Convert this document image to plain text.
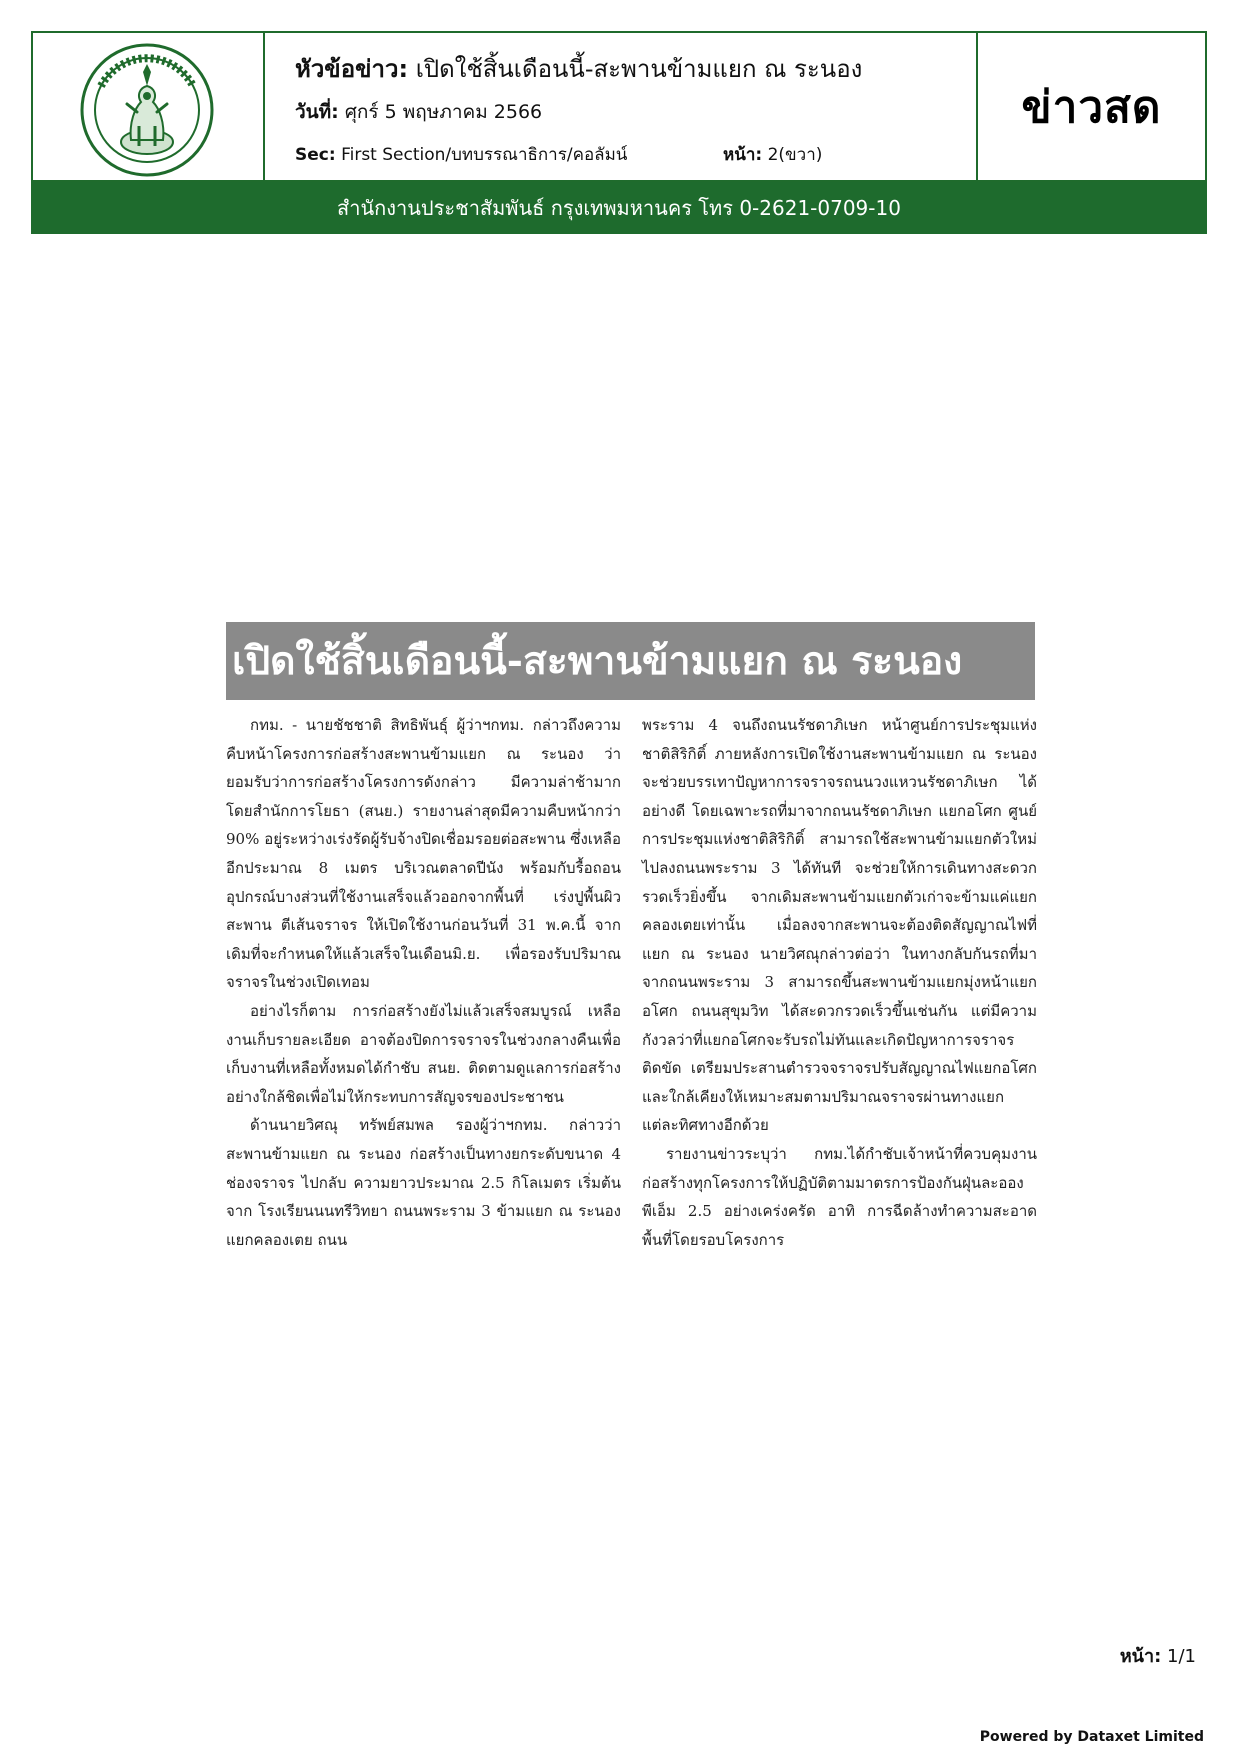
หัวข้อข่าว: เปิดใช้สิ้นเดือนนี้-สะพานข้ามแยก ณ ระนอง
วันที่: ศุกร์ 5 พฤษภาคม 2566
Sec: First Section/บทบรรณาธิการ/คอลัมน์	หน้า: 2(ขวา)
ข่าวสด
สำนักงานประชาสัมพันธ์ กรุงเทพมหานคร โทร 0-2621-0709-10
เปิดใช้สิ้นเดือนนี้-สะพานข้ามแยก ณ ระนอง

กทม. - นายชัชชาติ สิทธิพันธุ์ ผู้ว่าฯกทม. กล่าวถึงความคืบหน้าโครงการก่อสร้างสะพานข้ามแยก ณ ระนอง ว่า ยอมรับว่าการก่อสร้างโครงการดังกล่าว มีความล่าช้ามาก โดยสำนักการโยธา (สนย.) รายงานล่าสุดมีความคืบหน้ากว่า 90% อยู่ระหว่างเร่งรัดผู้รับจ้างปิดเชื่อมรอยต่อสะพาน ซึ่งเหลืออีกประมาณ 8 เมตร บริเวณตลาดปีนัง พร้อมกับรื้อถอนอุปกรณ์บางส่วนที่ใช้งานเสร็จแล้วออกจากพื้นที่ เร่งปูพื้นผิวสะพาน ตีเส้นจราจร ให้เปิดใช้งานก่อนวันที่ 31 พ.ค.นี้ จากเดิมที่จะกำหนดให้แล้วเสร็จในเดือนมิ.ย. เพื่อรองรับปริมาณจราจรในช่วงเปิดเทอม

อย่างไรก็ตาม การก่อสร้างยังไม่แล้วเสร็จสมบูรณ์ เหลืองานเก็บรายละเอียด อาจต้องปิดการจราจรในช่วงกลางคืนเพื่อเก็บงานที่เหลือทั้งหมดได้กำชับ สนย. ติดตามดูแลการก่อสร้างอย่างใกล้ชิดเพื่อไม่ให้กระทบการสัญจรของประชาชน

ด้านนายวิศณุ ทรัพย์สมพล รองผู้ว่าฯกทม. กล่าวว่า สะพานข้ามแยก ณ ระนอง ก่อสร้างเป็นทางยกระดับขนาด 4 ช่องจราจร ไปกลับ ความยาวประมาณ 2.5 กิโลเมตร เริ่มต้นจาก โรงเรียนนนทรีวิทยา ถนนพระราม 3 ข้ามแยก ณ ระนอง แยกคลองเตย ถนน

พระราม 4 จนถึงถนนรัชดาภิเษก หน้าศูนย์การประชุมแห่งชาติสิริกิติ์ ภายหลังการเปิดใช้งานสะพานข้ามแยก ณ ระนอง จะช่วยบรรเทาปัญหาการจราจรถนนวงแหวนรัชดาภิเษก ได้อย่างดี โดยเฉพาะรถที่มาจากถนนรัชดาภิเษก แยกอโศก ศูนย์การประชุมแห่งชาติสิริกิติ์ สามารถใช้สะพานข้ามแยกตัวใหม่ไปลงถนนพระราม 3 ได้ทันที จะช่วยให้การเดินทางสะดวกรวดเร็วยิ่งขึ้น จากเดิมสะพานข้ามแยกตัวเก่าจะข้ามแค่แยกคลองเตยเท่านั้น เมื่อลงจากสะพานจะต้องติดสัญญาณไฟที่ แยก ณ ระนอง นายวิศณุกล่าวต่อว่า ในทางกลับกันรถที่มาจากถนนพระราม 3 สามารถขึ้นสะพานข้ามแยกมุ่งหน้าแยกอโศก ถนนสุขุมวิท ได้สะดวกรวดเร็วขึ้นเช่นกัน แต่มีความกังวลว่าที่แยกอโศกจะรับรถไม่ทันและเกิดปัญหาการจราจรติดขัด เตรียมประสานตำรวจจราจรปรับสัญญาณไฟแยกอโศกและใกล้เคียงให้เหมาะสมตามปริมาณจราจรผ่านทางแยกแต่ละทิศทางอีกด้วย

รายงานข่าวระบุว่า กทม.ได้กำชับเจ้าหน้าที่ควบคุมงานก่อสร้างทุกโครงการให้ปฏิบัติตามมาตรการป้องกันฝุ่นละออง พีเอ็ม 2.5 อย่างเคร่งครัด อาทิ การฉีดล้างทำความสะอาดพื้นที่โดยรอบโครงการ

หน้า: 1/1
Powered by Dataxet Limited
